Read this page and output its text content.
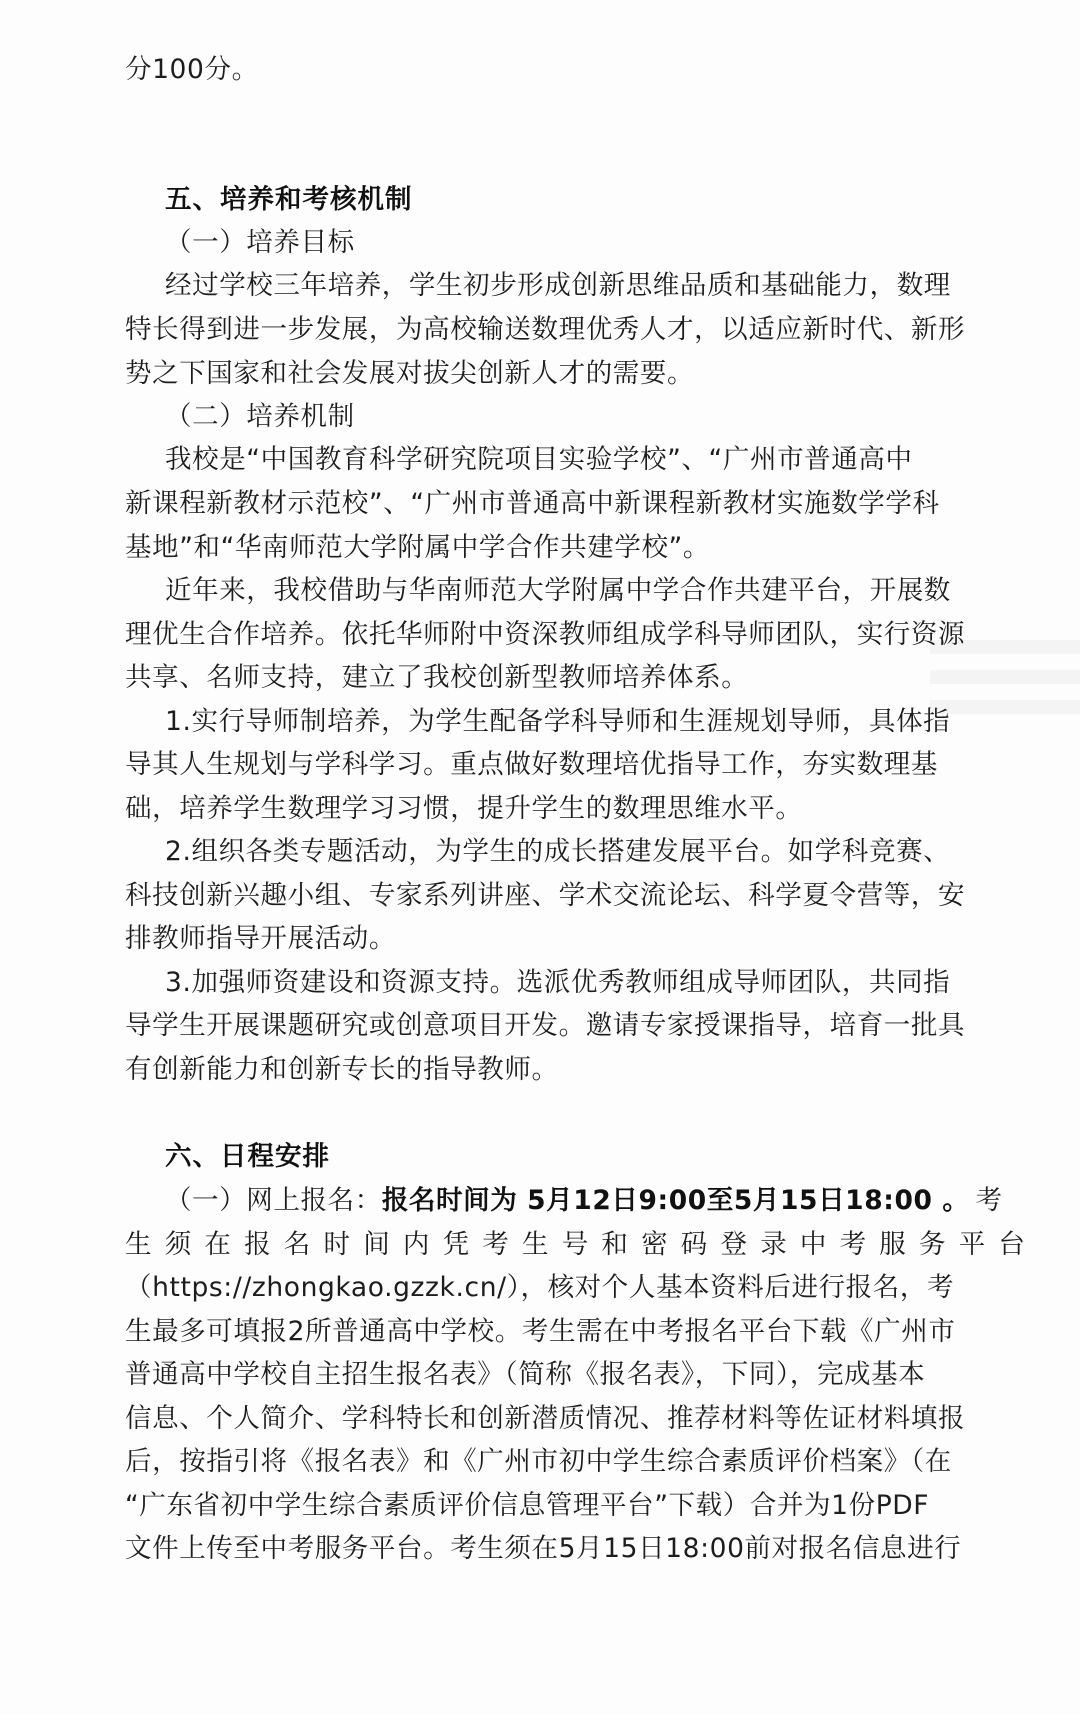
分100分。
五、培养和考核机制
（一）培养目标
经过学校三年培养，学生初步形成创新思维品质和基础能力，数理
特长得到进一步发展，为高校输送数理优秀人才，以适应新时代、新形
势之下国家和社会发展对拔尖创新人才的需要。
（二）培养机制
我校是“中国教育科学研究院项目实验学校”、“广州市普通高中
新课程新教材示范校”、“广州市普通高中新课程新教材实施数学学科
基地”和“华南师范大学附属中学合作共建学校”。
近年来，我校借助与华南师范大学附属中学合作共建平台，开展数
理优生合作培养。依托华师附中资深教师组成学科导师团队，实行资源
共享、名师支持，建立了我校创新型教师培养体系。
1.实行导师制培养，为学生配备学科导师和生涯规划导师，具体指
导其人生规划与学科学习。重点做好数理培优指导工作，夯实数理基
础，培养学生数理学习习惯，提升学生的数理思维水平。
2.组织各类专题活动，为学生的成长搭建发展平台。如学科竞赛、
科技创新兴趣小组、专家系列讲座、学术交流论坛、科学夏令营等，安
排教师指导开展活动。
3.加强师资建设和资源支持。选派优秀教师组成导师团队，共同指
导学生开展课题研究或创意项目开发。邀请专家授课指导，培育一批具
有创新能力和创新专长的指导教师。
六、日程安排
（一）网上报名：报名时间为 5月12日9:00至5月15日18:00 。 考
生须在报名时间内凭考生号和密码登录中考服务平台
（https://zhongkao.gzzk.cn/），核对个人基本资料后进行报名，考
生最多可填报2所普通高中学校。考生需在中考报名平台下载《广州市
普通高中学校自主招生报名表》（简称《报名表》，下同），完成基本
信息、个人简介、学科特长和创新潜质情况、推荐材料等佐证材料填报
后，按指引将《报名表》和《广州市初中学生综合素质评价档案》（在
“广东省初中学生综合素质评价信息管理平台”下载）合并为1份PDF
文件上传至中考服务平台。考生须在5月15日18:00前对报名信息进行
